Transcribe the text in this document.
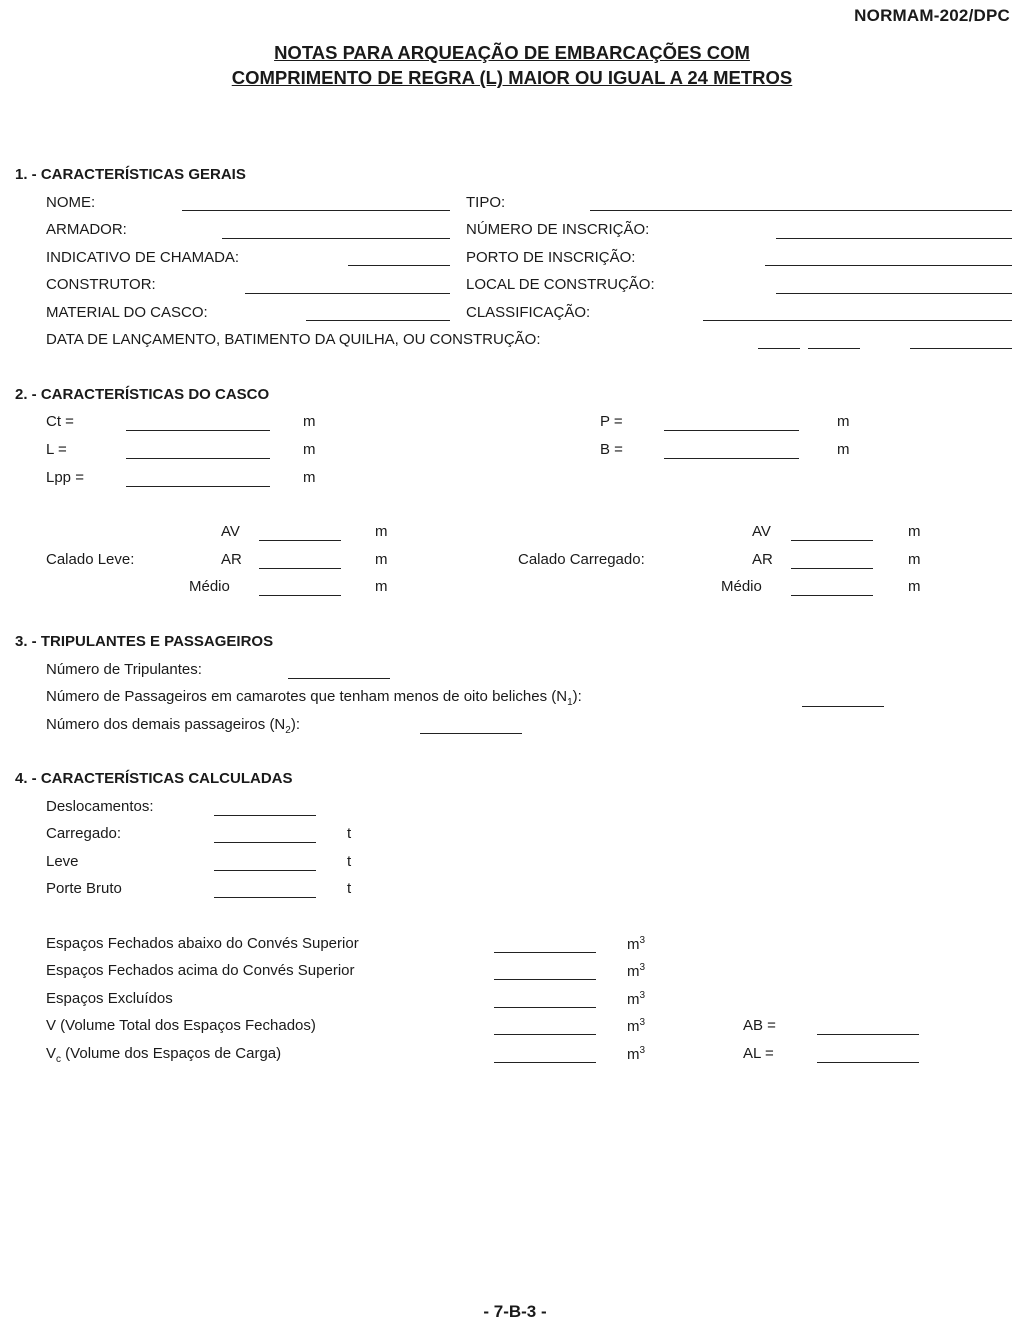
NORMAM-202/DPC
NOTAS PARA ARQUEAÇÃO DE EMBARCAÇÕES COM
COMPRIMENTO DE REGRA (L) MAIOR OU IGUAL A 24 METROS
1. - CARACTERÍSTICAS GERAIS
NOME:	TIPO:
ARMADOR:	NÚMERO DE INSCRIÇÃO:
INDICATIVO DE CHAMADA:	PORTO DE INSCRIÇÃO:
CONSTRUTOR:	LOCAL DE CONSTRUÇÃO:
MATERIAL DO CASCO:	CLASSIFICAÇÃO:
DATA DE LANÇAMENTO, BATIMENTO DA QUILHA, OU CONSTRUÇÃO:
2. - CARACTERÍSTICAS DO CASCO
Ct =	m	P =	m
L =	m	B =	m
Lpp =	m
AV	m
Calado Leve:	AR	m
Médio	m
AV	m
Calado Carregado:	AR	m
Médio	m
3. - TRIPULANTES E PASSAGEIROS
Número de Tripulantes:
Número de Passageiros em camarotes que tenham menos de oito beliches $(N_1)$:
Número dos demais passageiros $(N_2)$:
4. - CARACTERÍSTICAS CALCULADAS
Deslocamentos:
Carregado:	t
Leve	t
Porte Bruto	t
Espaços Fechados abaixo do Convés Superior	$m^3$
Espaços Fechados acima do Convés Superior	$m^3$
Espaços Excluídos	$m^3$
V (Volume Total dos Espaços Fechados)	$m^3$	AB =
$V_c$ (Volume dos Espaços de Carga)	$m^3$	AL =
- 7-B-3 -
